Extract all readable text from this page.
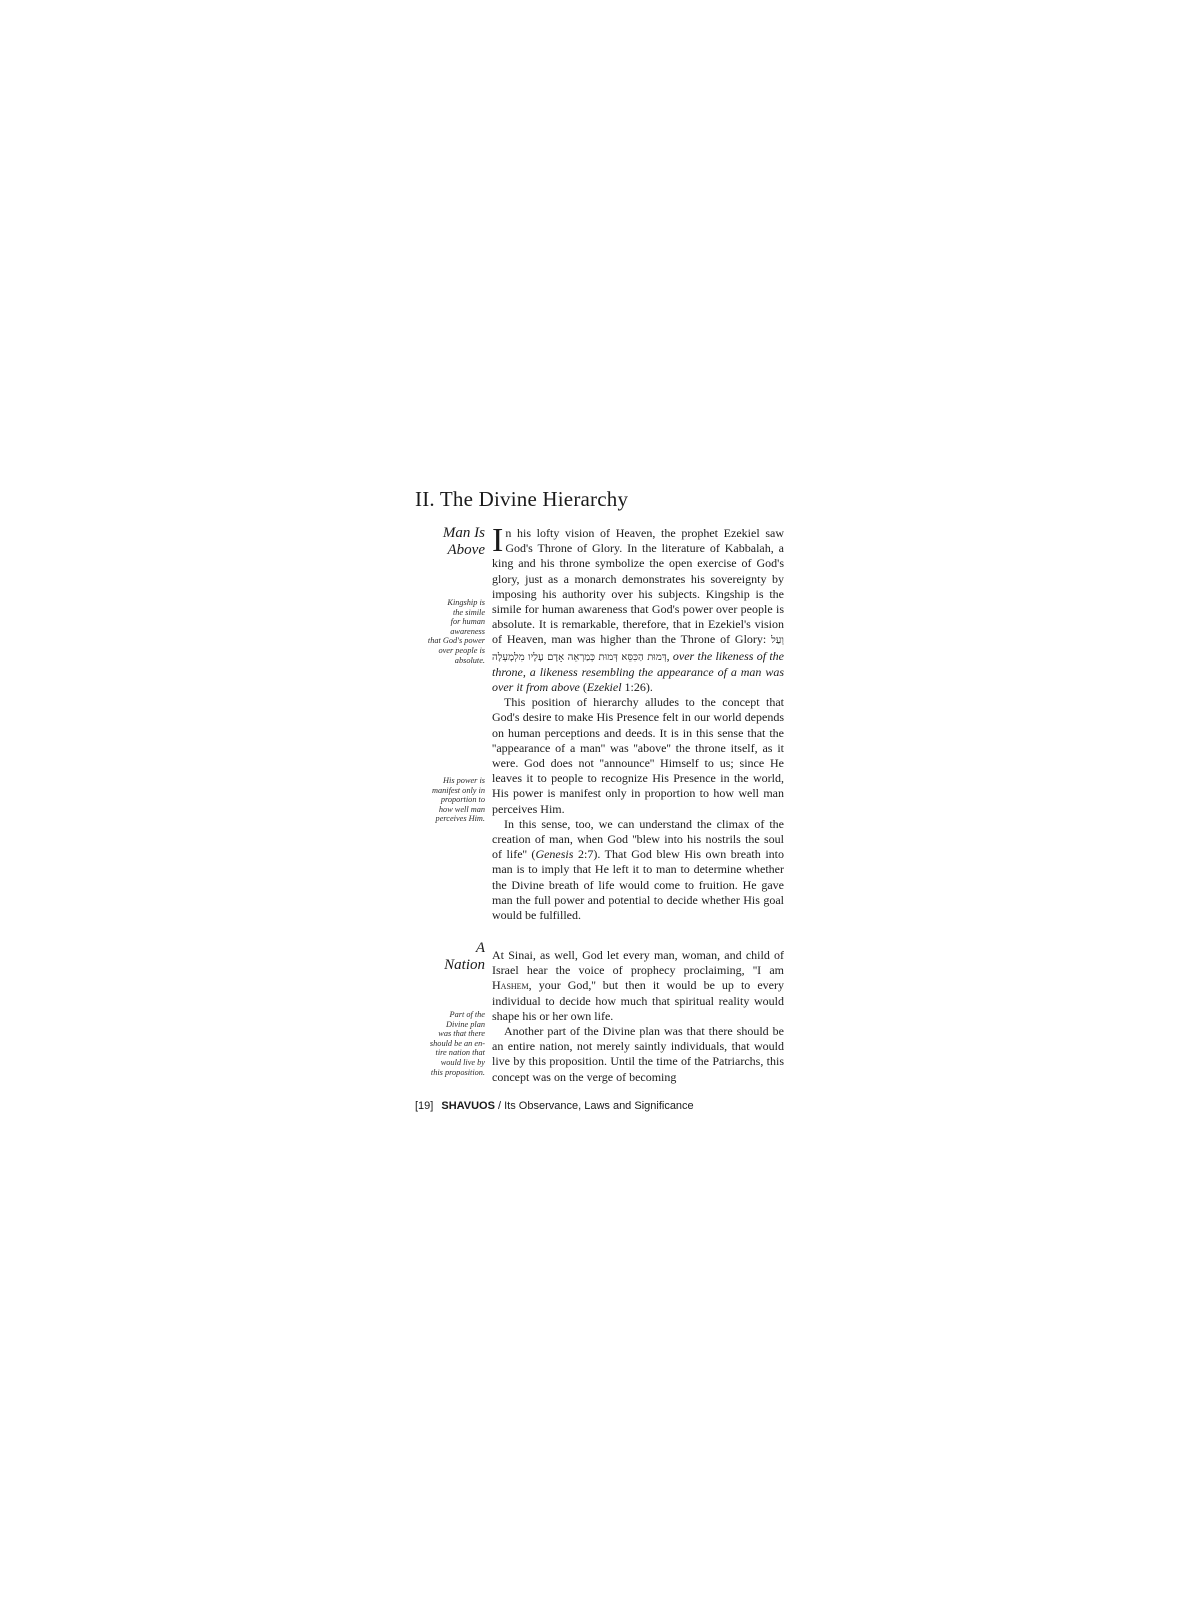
II. The Divine Hierarchy
Man Is
Above
Kingship is
the simile
for human
awareness
that God's power
over people is
absolute.
His power is
manifest only in
proportion to
how well man
perceives Him.

In his lofty vision of Heaven, the prophet Ezekiel saw God's Throne of Glory. In the literature of Kabbalah, a king and his throne symbolize the open exercise of God's glory, just as a monarch demonstrates his sovereignty by imposing his authority over his subjects. Kingship is the simile for human awareness that God's power over people is absolute. It is remarkable, therefore, that in Ezekiel's vision of Heaven, man was higher than the Throne of Glory: וְעַל דְּמוּת הַכִּסֵּא דְּמוּת כְּמַרְאֵה אָדָם עָלָיו מִלְמָעְלָה, over the likeness of the throne, a likeness resembling the appearance of a man was over it from above (Ezekiel 1:26).

This position of hierarchy alludes to the concept that God's desire to make His Presence felt in our world depends on human perceptions and deeds. It is in this sense that the ''appearance of a man'' was ''above'' the throne itself, as it were. God does not ''announce'' Himself to us; since He leaves it to people to recognize His Presence in the world, His power is manifest only in proportion to how well man perceives Him.

In this sense, too, we can understand the climax of the creation of man, when God ''blew into his nostrils the soul of life'' (Genesis 2:7). That God blew His own breath into man is to imply that He left it to man to determine whether the Divine breath of life would come to fruition. He gave man the full power and potential to decide whether His goal would be fulfilled.

A
Nation
Part of the
Divine plan
was that there
should be an en-
tire nation that
would live by
this proposition.

At Sinai, as well, God let every man, woman, and child of Israel hear the voice of prophecy proclaiming, ''I am Hashem, your God,'' but then it would be up to every individual to decide how much that spiritual reality would shape his or her own life.

Another part of the Divine plan was that there should be an entire nation, not merely saintly individuals, that would live by this proposition. Until the time of the Patriarchs, this concept was on the verge of becoming

[19] SHAVUOS / Its Observance, Laws and Significance
